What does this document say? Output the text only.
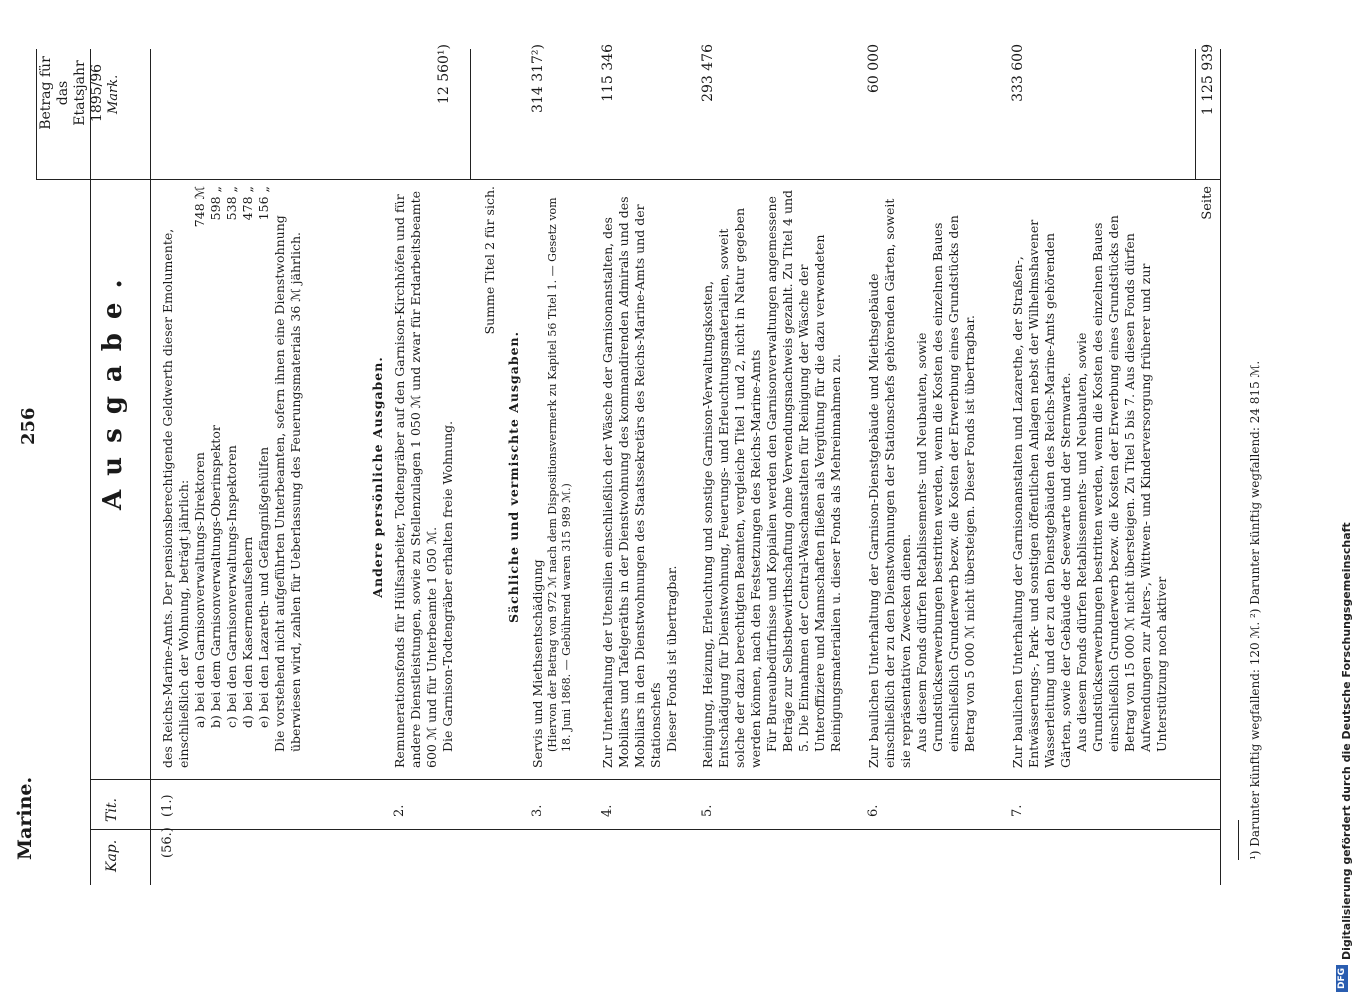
Marine.
256
Kap.
Tit.
Ausgabe.
Betrag für das Etatsjahr 1895/96 Mark.
(56.)
(1.)

des Reichs-Marine-Amts. Der pensionsberechtigende Geldwerth dieser Emolumente, einschließlich der Wohnung, beträgt jährlich: a) bei den Garnisonverwaltungs-Direktoren
748 ℳ
b) bei dem Garnisonverwaltungs-Oberinspektor
598 „
c) bei den Garnisonverwaltungs-Inspektoren
538 „
d) bei den Kasernenaufsehern
478 „
e) bei den Lazareth- und Gefängnißgehülfen
156 „

Die vorstehend nicht aufgeführten Unterbeamten, sofern ihnen eine Dienstwohnung überwiesen wird, zahlen für Ueberlassung des Feuerungsmaterials 36 ℳ jährlich.	Andere persönliche Ausgaben.
2.

Remunerationsfonds für Hülfsarbeiter, Todtengräber auf den Garnison-Kirchhöfen und für andere Dienstleistungen, sowie zu Stellenzulagen 1 050 ℳ und zwar für Erdarbeitsbeamte 600 ℳ und für Unterbeamte 1 050 ℳ. Die Garnison-Todtengräber erhalten freie Wohnung.

12 560¹)
Summe Titel 2 für sich.
Sächliche und vermischte Ausgaben.
3.

Servis und Miethsentschädigung (Hiervon der Betrag von 972 ℳ nach dem Dispositionsvermerk zu Kapitel 56 Titel 1. — Gesetz vom 18. Juni 1868. — Gebührend waren 315 989 ℳ.)

314 317²)
4.

Zur Unterhaltung der Utensilien einschließlich der Wäsche der Garnisonanstalten, des Mobiliars und Tafelgeräths in der Dienstwohnung des kommandirenden Admirals und des Mobiliars in den Dienstwohnungen des Staatssekretärs des Reichs-Marine-Amts und der Stationschefs Dieser Fonds ist übertragbar.

115 346
5.

Reinigung, Heizung, Erleuchtung und sonstige Garnison-Verwaltungskosten, Entschädigung für Dienstwohnung, Feuerungs- und Erleuchtungsmaterialien, soweit solche der dazu berechtigten Beamten, vergleiche Titel 1 und 2, nicht in Natur gegeben werden können, nach den Festsetzungen des Reichs-Marine-Amts Für Bureaubedürfnisse und Kopialien werden den Garnisonverwaltungen angemessene Beträge zur Selbstbewirthschaftung ohne Verwendungsnachweis gezahlt. Zu Titel 4 und 5. Die Einnahmen der Central-Waschanstalten für Reinigung der Wäsche der Unteroffiziere und Mannschaften fließen als Vergütung für die dazu verwendeten Reinigungsmaterialien u. dieser Fonds als Mehreinnahmen zu.

293 476
6.

Zur baulichen Unterhaltung der Garnison-Dienstgebäude und Miethsgebäude einschließlich der zu den Dienstwohnungen der Stationschefs gehörenden Gärten, soweit sie repräsentativen Zwecken dienen. Aus diesem Fonds dürfen Retablissements- und Neubauten, sowie Grundstückserwerbungen bestritten werden, wenn die Kosten des einzelnen Baues einschließlich Grunderwerb bezw. die Kosten der Erwerbung eines Grundstücks den Betrag von 5 000 ℳ nicht übersteigen. Dieser Fonds ist übertragbar.

60 000
7.

Zur baulichen Unterhaltung der Garnisonanstalten und Lazarethe, der Straßen-, Entwässerungs-, Park- und sonstigen öffentlichen Anlagen nebst der Wilhelmshavener Wasserleitung und der zu den Dienstgebäuden des Reichs-Marine-Amts gehörenden Gärten, sowie der Gebäude der Seewarte und der Sternwarte. Aus diesem Fonds dürfen Retablissements- und Neubauten, sowie Grundstückserwerbungen bestritten werden, wenn die Kosten des einzelnen Baues einschließlich Grunderwerb bezw. die Kosten der Erwerbung eines Grundstücks den Betrag von 15 000 ℳ nicht übersteigen. Zu Titel 5 bis 7. Aus diesen Fonds dürfen Aufwendungen zur Alters-, Wittwen- und Kinderversorgung früherer und zur Unterstützung noch aktiver

333 600
Seite
1 125 939
¹) Darunter künftig wegfallend: 120 ℳ. ²) Darunter künftig wegfallend: 24 815 ℳ.
DFG
Digitalisierung gefördert durch die Deutsche Forschungsgemeinschaft
